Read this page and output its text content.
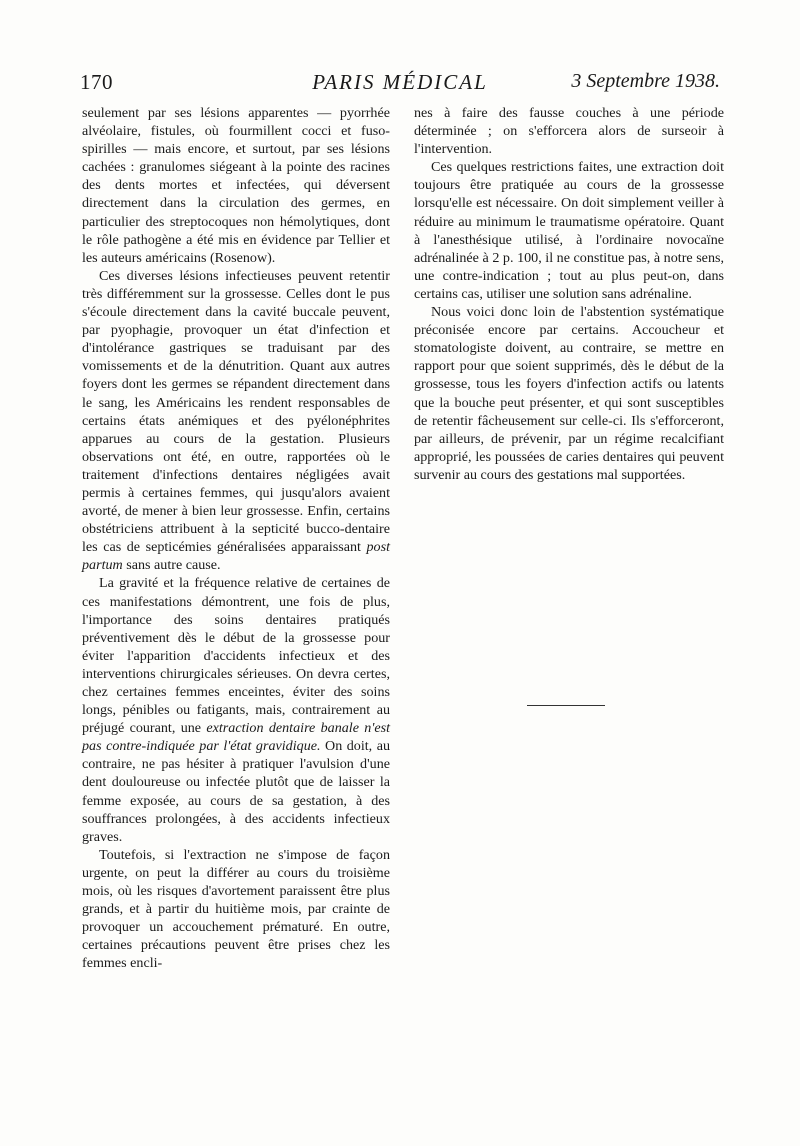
170	PARIS MÉDICAL	3 Septembre 1938.

seulement par ses lésions apparentes — pyorrhée alvéolaire, fistules, où fourmillent cocci et fuso-spirilles — mais encore, et surtout, par ses lésions cachées : granulomes siégeant à la pointe des racines des dents mortes et infectées, qui déversent directement dans la circulation des germes, en particulier des streptocoques non hémolytiques, dont le rôle pathogène a été mis en évidence par Tellier et les auteurs américains (Rosenow).

Ces diverses lésions infectieuses peuvent retentir très différemment sur la grossesse. Celles dont le pus s'écoule directement dans la cavité buccale peuvent, par pyophagie, provoquer un état d'infection et d'intolérance gastriques se traduisant par des vomissements et de la dénutrition. Quant aux autres foyers dont les germes se répandent directement dans le sang, les Américains les rendent responsables de certains états anémiques et des pyélonéphrites apparues au cours de la gestation. Plusieurs observations ont été, en outre, rapportées où le traitement d'infections dentaires négligées avait permis à certaines femmes, qui jusqu'alors avaient avorté, de mener à bien leur grossesse. Enfin, certains obstétriciens attribuent à la septicité bucco-dentaire les cas de septicémies généralisées apparaissant post partum sans autre cause.

La gravité et la fréquence relative de certaines de ces manifestations démontrent, une fois de plus, l'importance des soins dentaires pratiqués préventivement dès le début de la grossesse pour éviter l'apparition d'accidents infectieux et des interventions chirurgicales sérieuses. On devra certes, chez certaines femmes enceintes, éviter des soins longs, pénibles ou fatigants, mais, contrairement au préjugé courant, une extraction dentaire banale n'est pas contre-indiquée par l'état gravidique. On doit, au contraire, ne pas hésiter à pratiquer l'avulsion d'une dent douloureuse ou infectée plutôt que de laisser la femme exposée, au cours de sa gestation, à des souffrances prolongées, à des accidents infectieux graves.

Toutefois, si l'extraction ne s'impose de façon urgente, on peut la différer au cours du troisième mois, où les risques d'avortement paraissent être plus grands, et à partir du huitième mois, par crainte de provoquer un accouchement prématuré. En outre, certaines précautions peuvent être prises chez les femmes encli-

nes à faire des fausse couches à une période déterminée ; on s'efforcera alors de surseoir à l'intervention.

Ces quelques restrictions faites, une extraction doit toujours être pratiquée au cours de la grossesse lorsqu'elle est nécessaire. On doit simplement veiller à réduire au minimum le traumatisme opératoire. Quant à l'anesthésique utilisé, à l'ordinaire novocaïne adrénalinée à 2 p. 100, il ne constitue pas, à notre sens, une contre-indication ; tout au plus peut-on, dans certains cas, utiliser une solution sans adrénaline.

Nous voici donc loin de l'abstention systématique préconisée encore par certains. Accoucheur et stomatologiste doivent, au contraire, se mettre en rapport pour que soient supprimés, dès le début de la grossesse, tous les foyers d'infection actifs ou latents que la bouche peut présenter, et qui sont susceptibles de retentir fâcheusement sur celle-ci. Ils s'efforceront, par ailleurs, de prévenir, par un régime recalcifiant approprié, les poussées de caries dentaires qui peuvent survenir au cours des gestations mal supportées.
